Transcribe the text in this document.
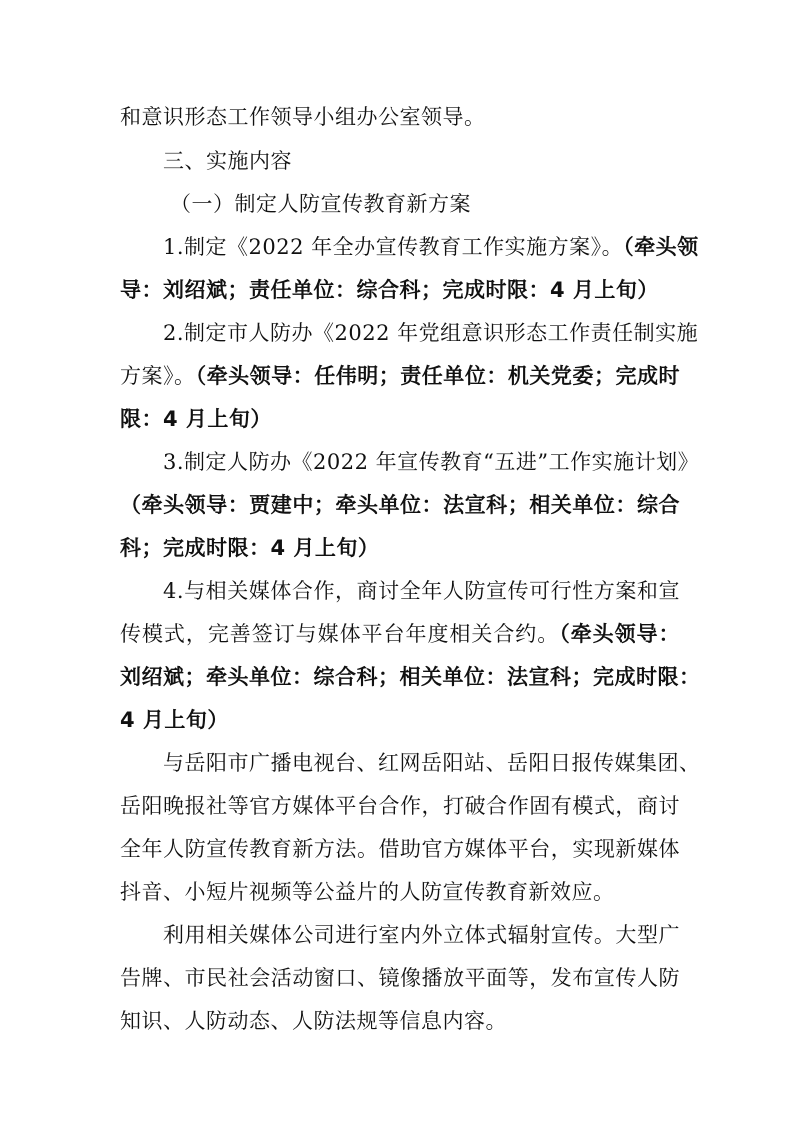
和意识形态工作领导小组办公室领导。
三、实施内容
（一）制定人防宣传教育新方案
1.制定《2022 年全办宣传教育工作实施方案》。（牵头领
导：刘绍斌；责任单位：综合科；完成时限：4 月上旬）
2.制定市人防办《2022 年党组意识形态工作责任制实施
方案》。（牵头领导：任伟明；责任单位：机关党委；完成时
限：4 月上旬）
3.制定人防办《2022 年宣传教育“五进”工作实施计划》
（牵头领导：贾建中；牵头单位：法宣科；相关单位：综合
科；完成时限：4 月上旬）
4.与相关媒体合作，商讨全年人防宣传可行性方案和宣
传模式，完善签订与媒体平台年度相关合约。（牵头领导：
刘绍斌；牵头单位：综合科；相关单位：法宣科；完成时限：
4 月上旬）
与岳阳市广播电视台、红网岳阳站、岳阳日报传媒集团、
岳阳晚报社等官方媒体平台合作，打破合作固有模式，商讨
全年人防宣传教育新方法。借助官方媒体平台，实现新媒体
抖音、小短片视频等公益片的人防宣传教育新效应。
利用相关媒体公司进行室内外立体式辐射宣传。大型广
告牌、市民社会活动窗口、镜像播放平面等，发布宣传人防
知识、人防动态、人防法规等信息内容。
